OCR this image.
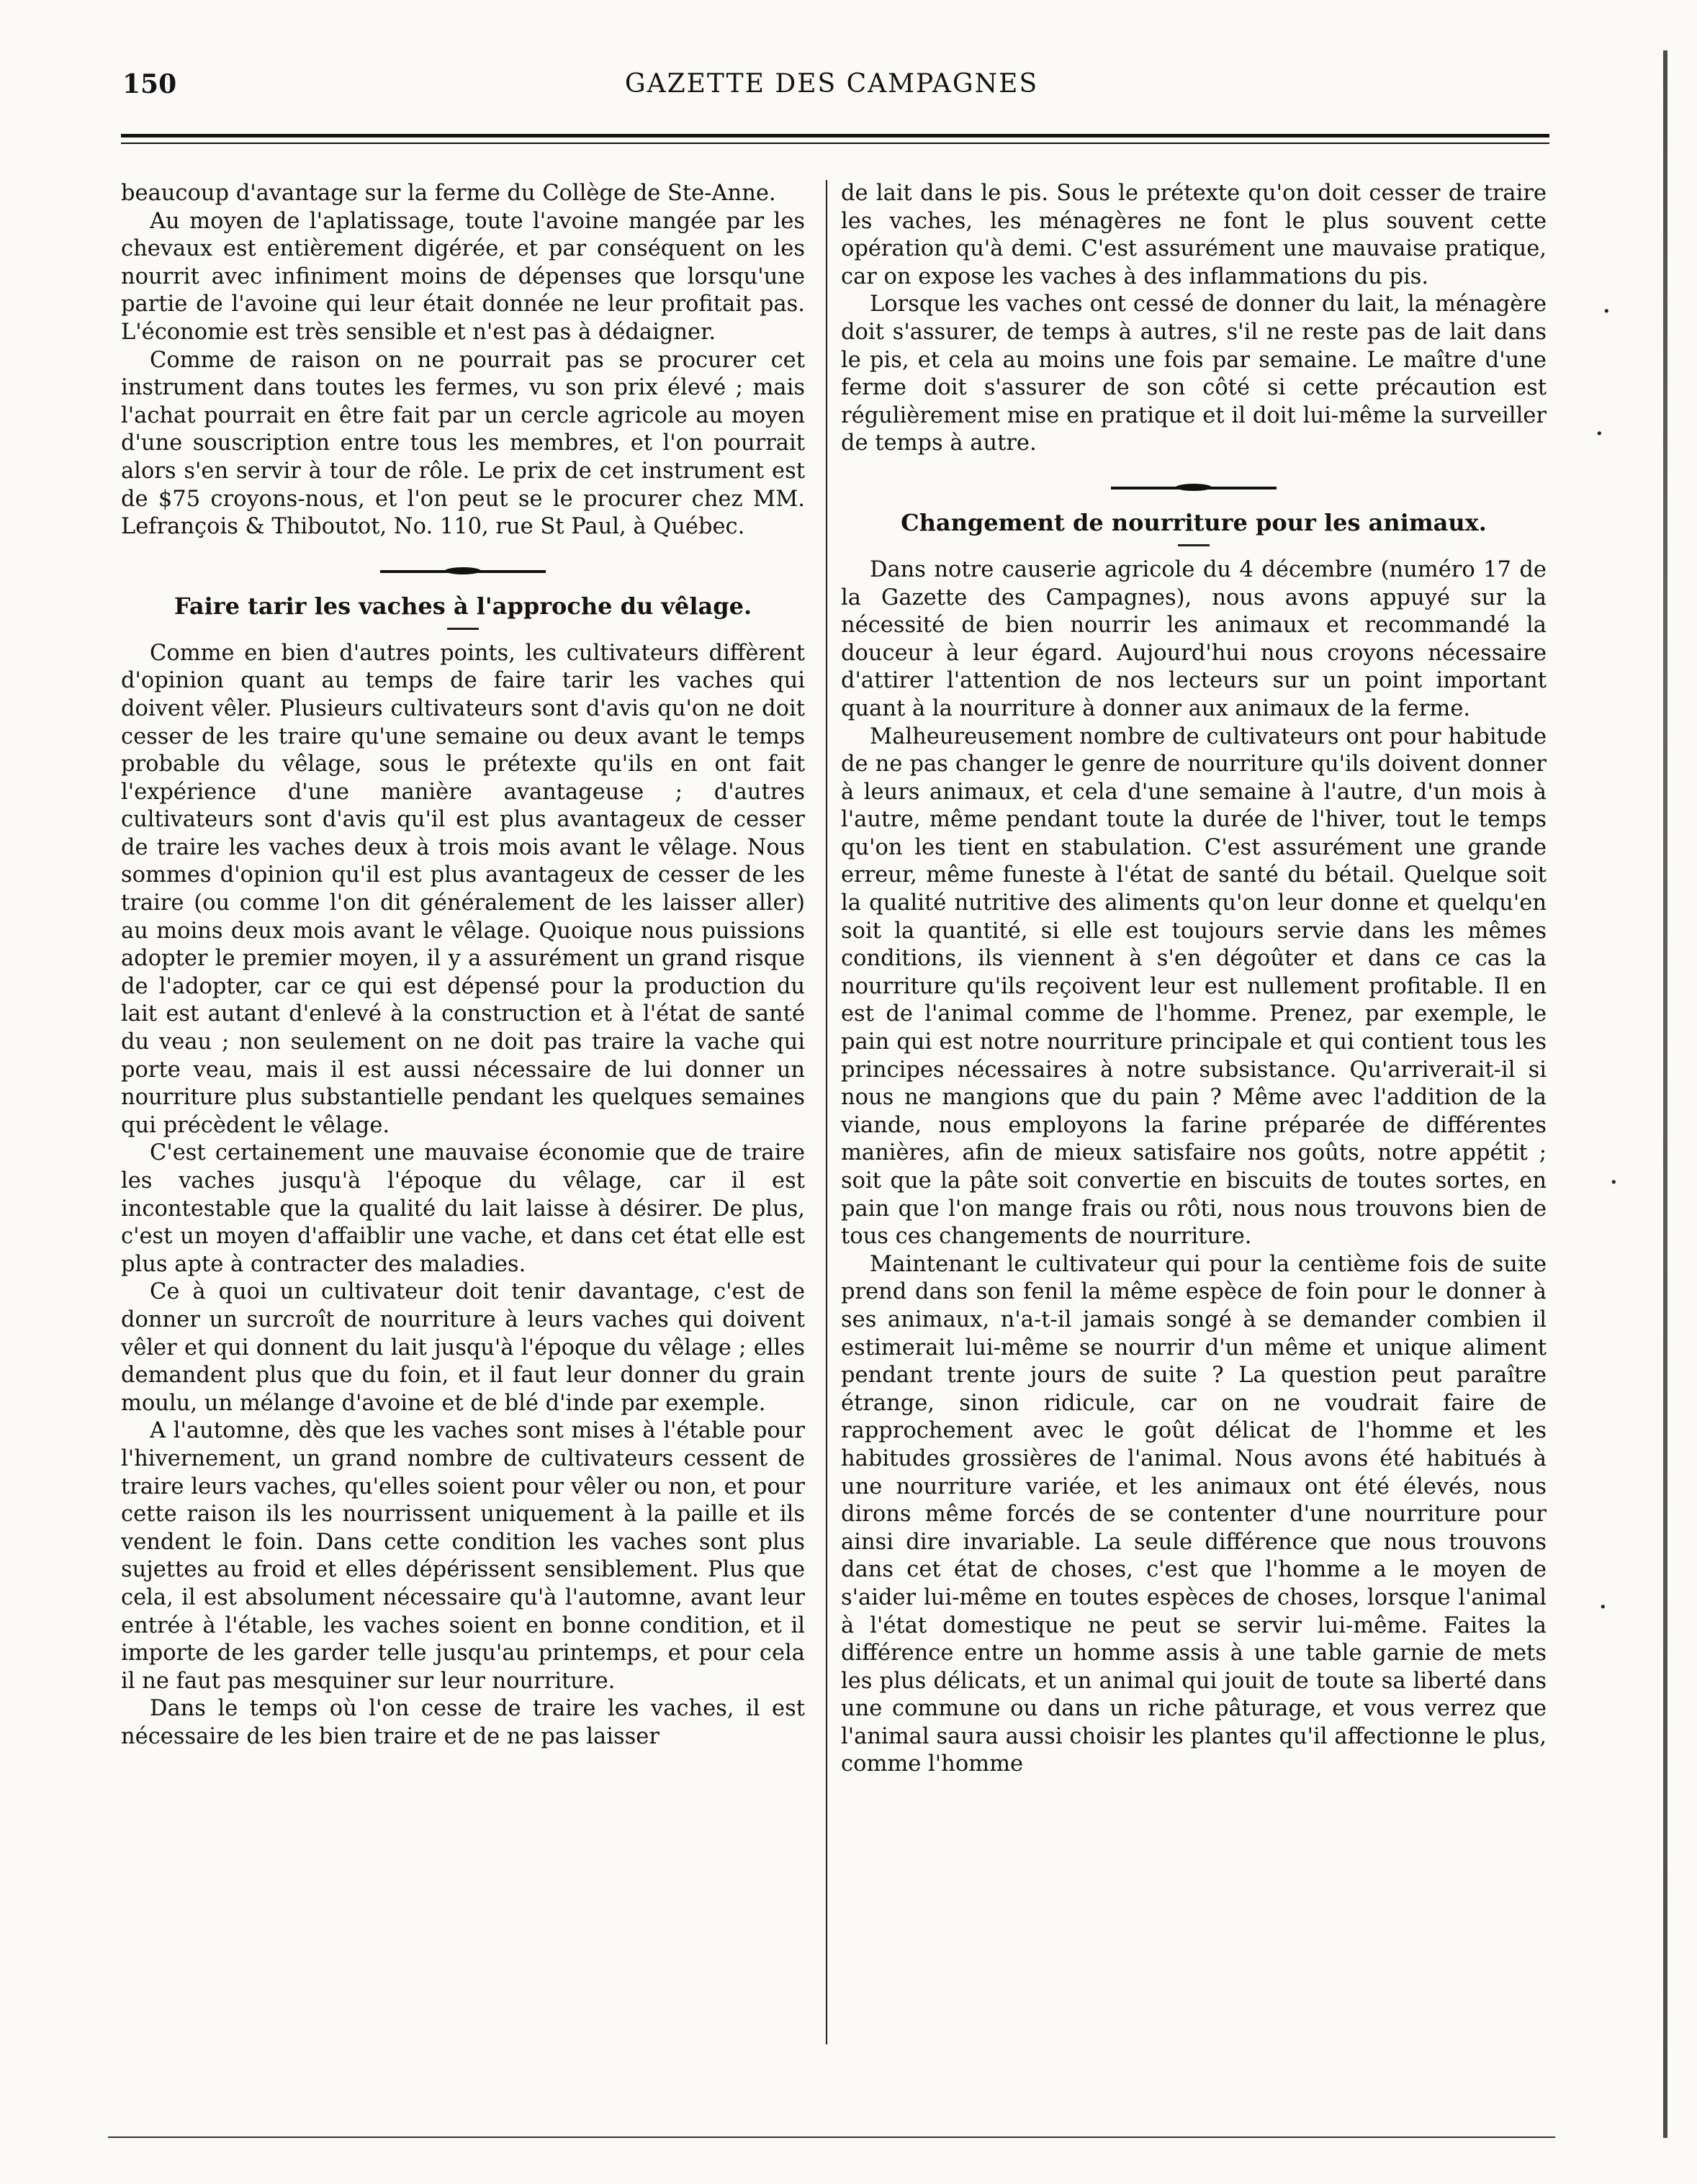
150	GAZETTE DES CAMPAGNES

beaucoup d'avantage sur la ferme du Collège de Ste-Anne.

Au moyen de l'aplatissage, toute l'avoine mangée par les chevaux est entièrement digérée, et par conséquent on les nourrit avec infiniment moins de dépenses que lorsqu'une partie de l'avoine qui leur était donnée ne leur profitait pas. L'économie est très sensible et n'est pas à dédaigner.

Comme de raison on ne pourrait pas se procurer cet instrument dans toutes les fermes, vu son prix élevé ; mais l'achat pourrait en être fait par un cercle agricole au moyen d'une souscription entre tous les membres, et l'on pourrait alors s'en servir à tour de rôle. Le prix de cet instrument est de $75 croyons-nous, et l'on peut se le procurer chez MM. Lefrançois & Thiboutot, No. 110, rue St Paul, à Québec.

Faire tarir les vaches à l'approche du vêlage.

Comme en bien d'autres points, les cultivateurs diffèrent d'opinion quant au temps de faire tarir les vaches qui doivent vêler. Plusieurs cultivateurs sont d'avis qu'on ne doit cesser de les traire qu'une semaine ou deux avant le temps probable du vêlage, sous le prétexte qu'ils en ont fait l'expérience d'une manière avantageuse ; d'autres cultivateurs sont d'avis qu'il est plus avantageux de cesser de traire les vaches deux à trois mois avant le vêlage. Nous sommes d'opinion qu'il est plus avantageux de cesser de les traire (ou comme l'on dit généralement de les laisser aller) au moins deux mois avant le vêlage. Quoique nous puissions adopter le premier moyen, il y a assurément un grand risque de l'adopter, car ce qui est dépensé pour la production du lait est autant d'enlevé à la construction et à l'état de santé du veau ; non seulement on ne doit pas traire la vache qui porte veau, mais il est aussi nécessaire de lui donner un nourriture plus substantielle pendant les quelques semaines qui précèdent le vêlage.

C'est certainement une mauvaise économie que de traire les vaches jusqu'à l'époque du vêlage, car il est incontestable que la qualité du lait laisse à désirer. De plus, c'est un moyen d'affaiblir une vache, et dans cet état elle est plus apte à contracter des maladies.

Ce à quoi un cultivateur doit tenir davantage, c'est de donner un surcroît de nourriture à leurs vaches qui doivent vêler et qui donnent du lait jusqu'à l'époque du vêlage ; elles demandent plus que du foin, et il faut leur donner du grain moulu, un mélange d'avoine et de blé d'inde par exemple.

A l'automne, dès que les vaches sont mises à l'étable pour l'hivernement, un grand nombre de cultivateurs cessent de traire leurs vaches, qu'elles soient pour vêler ou non, et pour cette raison ils les nourrissent uniquement à la paille et ils vendent le foin. Dans cette condition les vaches sont plus sujettes au froid et elles dépérissent sensiblement. Plus que cela, il est absolument nécessaire qu'à l'automne, avant leur entrée à l'étable, les vaches soient en bonne condition, et il importe de les garder telle jusqu'au printemps, et pour cela il ne faut pas mesquiner sur leur nourriture.

Dans le temps où l'on cesse de traire les vaches, il est nécessaire de les bien traire et de ne pas laisser

de lait dans le pis. Sous le prétexte qu'on doit cesser de traire les vaches, les ménagères ne font le plus souvent cette opération qu'à demi. C'est assurément une mauvaise pratique, car on expose les vaches à des inflammations du pis.

Lorsque les vaches ont cessé de donner du lait, la ménagère doit s'assurer, de temps à autres, s'il ne reste pas de lait dans le pis, et cela au moins une fois par semaine. Le maître d'une ferme doit s'assurer de son côté si cette précaution est régulièrement mise en pratique et il doit lui-même la surveiller de temps à autre.

Changement de nourriture pour les animaux.

Dans notre causerie agricole du 4 décembre (numéro 17 de la Gazette des Campagnes), nous avons appuyé sur la nécessité de bien nourrir les animaux et recommandé la douceur à leur égard. Aujourd'hui nous croyons nécessaire d'attirer l'attention de nos lecteurs sur un point important quant à la nourriture à donner aux animaux de la ferme.

Malheureusement nombre de cultivateurs ont pour habitude de ne pas changer le genre de nourriture qu'ils doivent donner à leurs animaux, et cela d'une semaine à l'autre, d'un mois à l'autre, même pendant toute la durée de l'hiver, tout le temps qu'on les tient en stabulation. C'est assurément une grande erreur, même funeste à l'état de santé du bétail. Quelque soit la qualité nutritive des aliments qu'on leur donne et quelqu'en soit la quantité, si elle est toujours servie dans les mêmes conditions, ils viennent à s'en dégoûter et dans ce cas la nourriture qu'ils reçoivent leur est nullement profitable. Il en est de l'animal comme de l'homme. Prenez, par exemple, le pain qui est notre nourriture principale et qui contient tous les principes nécessaires à notre subsistance. Qu'arriverait-il si nous ne mangions que du pain ? Même avec l'addition de la viande, nous employons la farine préparée de différentes manières, afin de mieux satisfaire nos goûts, notre appétit ; soit que la pâte soit convertie en biscuits de toutes sortes, en pain que l'on mange frais ou rôti, nous nous trouvons bien de tous ces changements de nourriture.

Maintenant le cultivateur qui pour la centième fois de suite prend dans son fenil la même espèce de foin pour le donner à ses animaux, n'a-t-il jamais songé à se demander combien il estimerait lui-même se nourrir d'un même et unique aliment pendant trente jours de suite ? La question peut paraître étrange, sinon ridicule, car on ne voudrait faire de rapprochement avec le goût délicat de l'homme et les habitudes grossières de l'animal. Nous avons été habitués à une nourriture variée, et les animaux ont été élevés, nous dirons même forcés de se contenter d'une nourriture pour ainsi dire invariable. La seule différence que nous trouvons dans cet état de choses, c'est que l'homme a le moyen de s'aider lui-même en toutes espèces de choses, lorsque l'animal à l'état domestique ne peut se servir lui-même. Faites la différence entre un homme assis à une table garnie de mets les plus délicats, et un animal qui jouit de toute sa liberté dans une commune ou dans un riche pâturage, et vous verrez que l'animal saura aussi choisir les plantes qu'il affectionne le plus, comme l'homme

·
·
·
·
